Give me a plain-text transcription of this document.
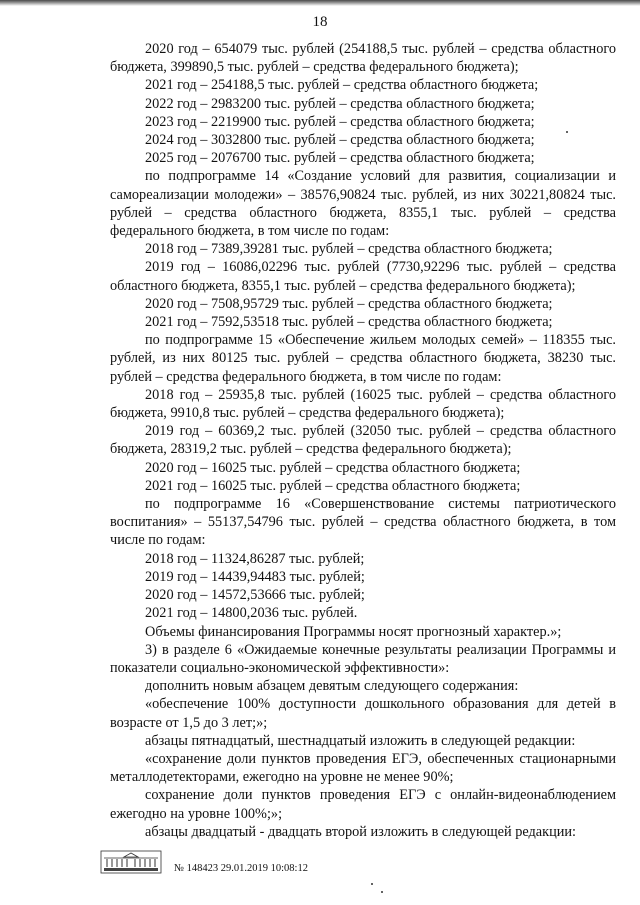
18

2020 год – 654079 тыс. рублей (254188,5 тыс. рублей – средства областного бюджета, 399890,5 тыс. рублей – средства федерального бюджета);

2021 год – 254188,5 тыс. рублей – средства областного бюджета;

2022 год – 2983200 тыс. рублей – средства областного бюджета;

2023 год – 2219900 тыс. рублей – средства областного бюджета;

2024 год – 3032800 тыс. рублей – средства областного бюджета;

2025 год – 2076700 тыс. рублей – средства областного бюджета;

по подпрограмме 14 «Создание условий для развития, социализации и самореализации молодежи» – 38576,90824 тыс. рублей, из них 30221,80824 тыс. рублей – средства областного бюджета, 8355,1 тыс. рублей – средства федерального бюджета, в том числе по годам:

2018 год – 7389,39281 тыс. рублей – средства областного бюджета;

2019 год – 16086,02296 тыс. рублей (7730,92296 тыс. рублей – средства областного бюджета, 8355,1 тыс. рублей – средства федерального бюджета);

2020 год – 7508,95729 тыс. рублей – средства областного бюджета;

2021 год – 7592,53518 тыс. рублей – средства областного бюджета;

по подпрограмме 15 «Обеспечение жильем молодых семей» – 118355 тыс. рублей, из них 80125 тыс. рублей – средства областного бюджета, 38230 тыс. рублей – средства федерального бюджета, в том числе по годам:

2018 год – 25935,8 тыс. рублей (16025 тыс. рублей – средства областного бюджета, 9910,8 тыс. рублей – средства федерального бюджета);

2019 год – 60369,2 тыс. рублей (32050 тыс. рублей – средства областного бюджета, 28319,2 тыс. рублей – средства федерального бюджета);

2020 год – 16025 тыс. рублей – средства областного бюджета;

2021 год – 16025 тыс. рублей – средства областного бюджета;

по подпрограмме 16 «Совершенствование системы патриотического воспитания» – 55137,54796 тыс. рублей – средства областного бюджета, в том числе по годам:

2018 год – 11324,86287 тыс. рублей;

2019 год – 14439,94483 тыс. рублей;

2020 год – 14572,53666 тыс. рублей;

2021 год – 14800,2036 тыс. рублей.

Объемы финансирования Программы носят прогнозный характер.»;

3) в разделе 6 «Ожидаемые конечные результаты реализации Программы и показатели социально-экономической эффективности»:

дополнить новым абзацем девятым следующего содержания:

«обеспечение 100% доступности дошкольного образования для детей в возрасте от 1,5 до 3 лет;»;

абзацы пятнадцатый, шестнадцатый изложить в следующей редакции:

«сохранение доли пунктов проведения ЕГЭ, обеспеченных стационарными металлодетекторами, ежегодно на уровне не менее 90%;

сохранение доли пунктов проведения ЕГЭ с онлайн-видеонаблюдением ежегодно на уровне 100%;»;

абзацы двадцатый - двадцать второй изложить в следующей редакции:

№ 148423 29.01.2019 10:08:12
